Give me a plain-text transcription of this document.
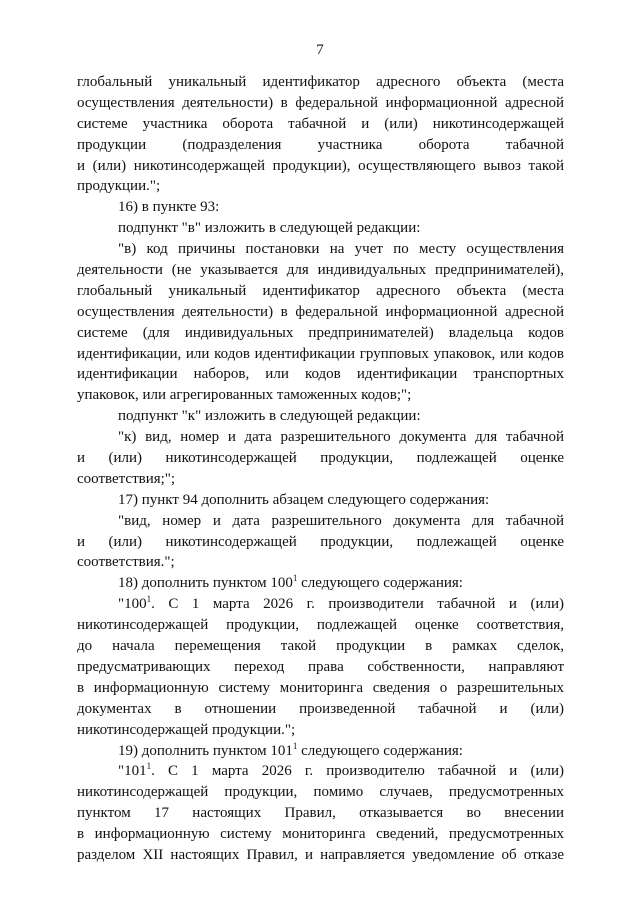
7
глобальный уникальный идентификатор адресного объекта (места
осуществления деятельности) в федеральной информационной адресной
системе участника оборота табачной и (или) никотинсодержащей
продукции (подразделения участника оборота табачной
и (или) никотинсодержащей продукции), осуществляющего вывоз такой
продукции.";
16) в пункте 93:
подпункт "в" изложить в следующей редакции:
"в) код причины постановки на учет по месту осуществления
деятельности (не указывается для индивидуальных предпринимателей),
глобальный уникальный идентификатор адресного объекта (места
осуществления деятельности) в федеральной информационной адресной
системе (для индивидуальных предпринимателей) владельца кодов
идентификации, или кодов идентификации групповых упаковок, или кодов
идентификации наборов, или кодов идентификации транспортных
упаковок, или агрегированных таможенных кодов;";
подпункт "к" изложить в следующей редакции:
"к) вид, номер и дата разрешительного документа для табачной
и (или) никотинсодержащей продукции, подлежащей оценке
соответствия;";
17) пункт 94 дополнить абзацем следующего содержания:
"вид, номер и дата разрешительного документа для табачной
и (или) никотинсодержащей продукции, подлежащей оценке
соответствия.";
18) дополнить пунктом $100^1$ следующего содержания:
"$100^1$. С 1 марта 2026 г. производители табачной и (или)
никотинсодержащей продукции, подлежащей оценке соответствия,
до начала перемещения такой продукции в рамках сделок,
предусматривающих переход права собственности, направляют
в информационную систему мониторинга сведения о разрешительных
документах в отношении произведенной табачной и (или)
никотинсодержащей продукции.";
19) дополнить пунктом $101^1$ следующего содержания:
"$101^1$. С 1 марта 2026 г. производителю табачной и (или)
никотинсодержащей продукции, помимо случаев, предусмотренных
пунктом 17 настоящих Правил, отказывается во внесении
в информационную систему мониторинга сведений, предусмотренных
разделом XII настоящих Правил, и направляется уведомление об отказе
